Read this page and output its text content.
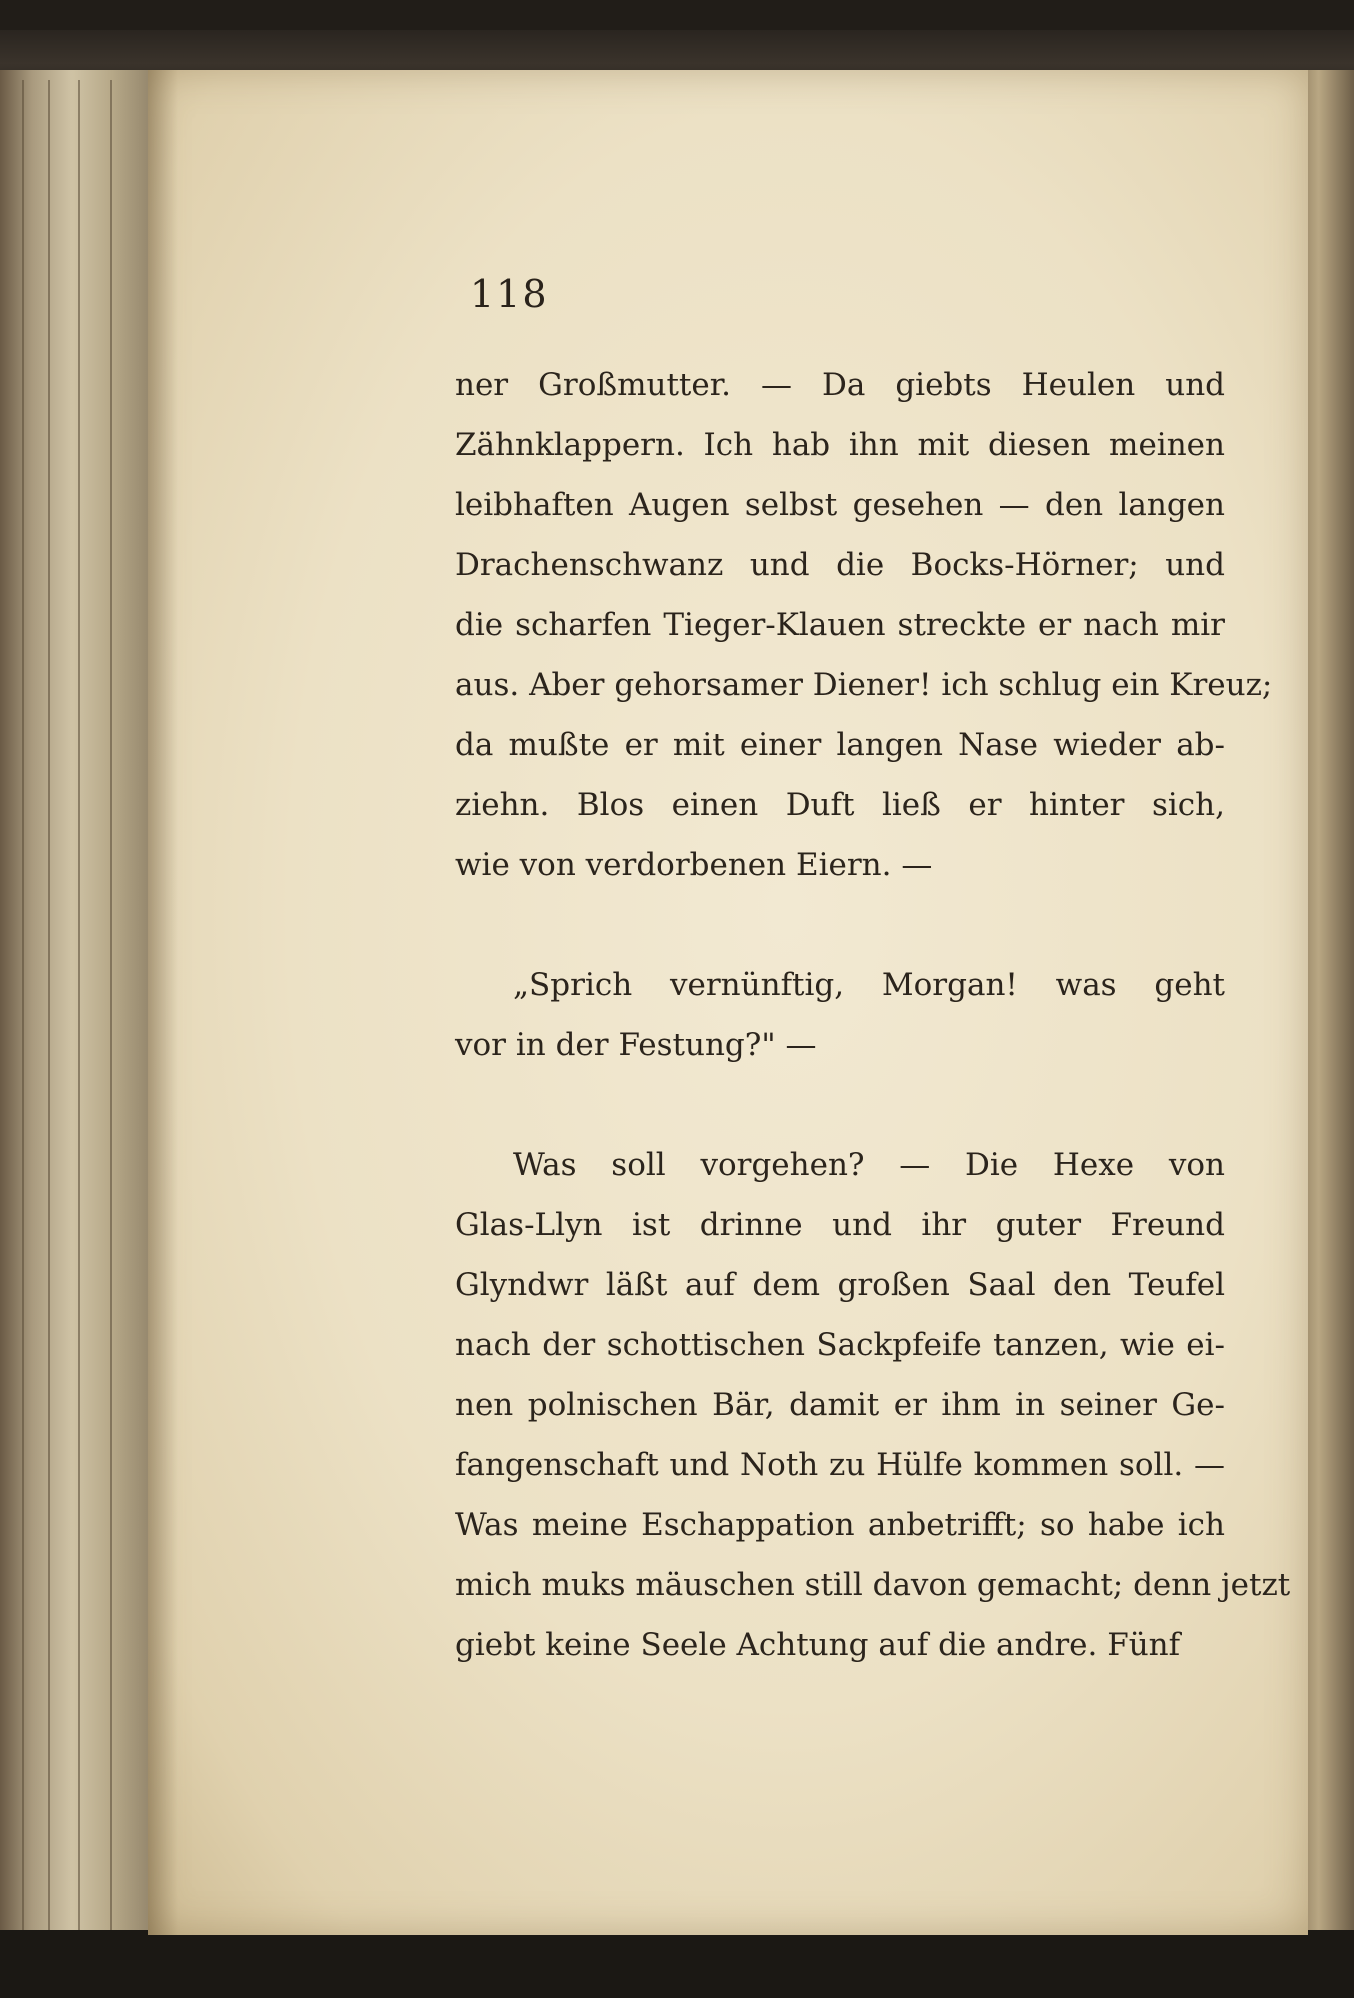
118

ner Großmutter. — Da giebts Heulen und
Zähnklappern. Ich hab ihn mit diesen meinen
leibhaften Augen selbst gesehen — den langen
Drachenschwanz und die Bocks-Hörner; und
die scharfen Tieger-Klauen streckte er nach mir
aus. Aber gehorsamer Diener! ich schlug ein Kreuz;
da mußte er mit einer langen Nase wieder ab-
ziehn. Blos einen Duft ließ er hinter sich,
wie von verdorbenen Eiern. —
„Sprich vernünftig, Morgan! was geht
vor in der Festung?" —
Was soll vorgehen? — Die Hexe von
Glas-Llyn ist drinne und ihr guter Freund
Glyndwr läßt auf dem großen Saal den Teufel
nach der schottischen Sackpfeife tanzen, wie ei-
nen polnischen Bär, damit er ihm in seiner Ge-
fangenschaft und Noth zu Hülfe kommen soll. —
Was meine Eschappation anbetrifft; so habe ich
mich muks mäuschen still davon gemacht; denn jetzt
giebt keine Seele Achtung auf die andre. Fünf
